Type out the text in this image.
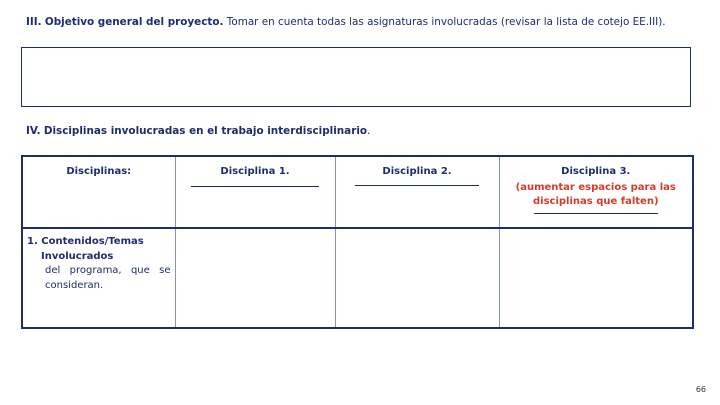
III. Objetivo general del proyecto. Tomar en cuenta todas las asignaturas involucradas (revisar la lista de cotejo EE.III).
IV. Disciplinas involucradas en el trabajo interdisciplinario.
Disciplinas:	Disciplina 1.	Disciplina 2.	Disciplina 3.
(aumentar espacios para las
disciplinas que falten)

1. Contenidos/Temas
Involucrados
del programa, que se
consideran.			

66
